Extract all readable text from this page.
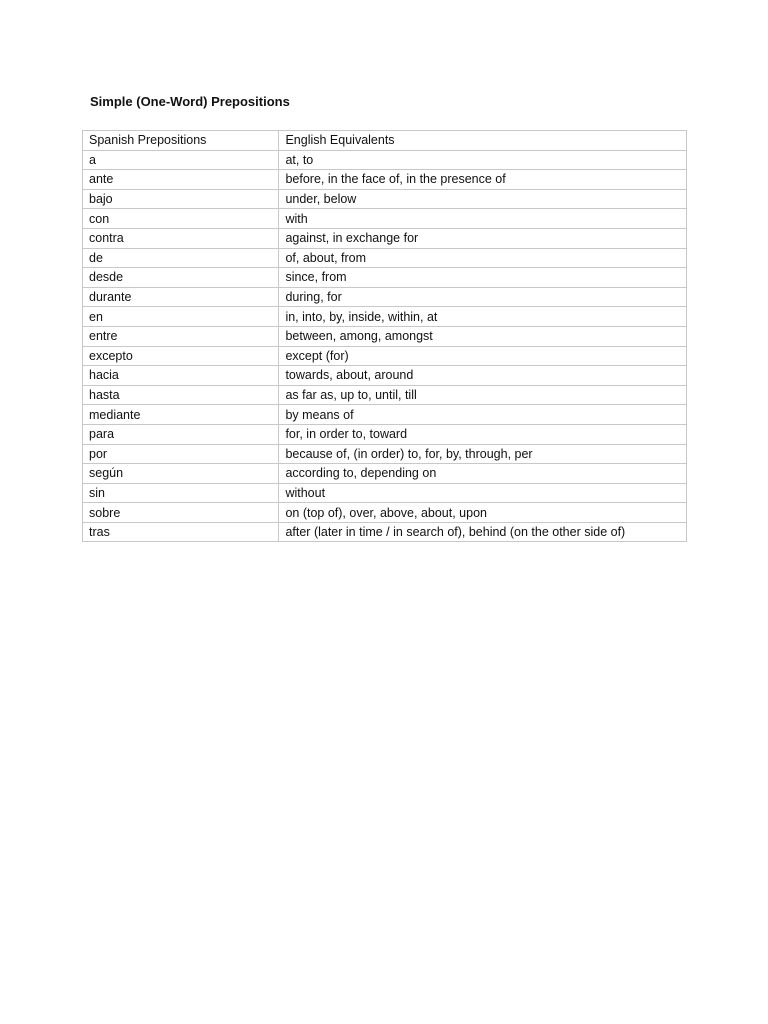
Simple (One-Word) Prepositions
Spanish Prepositions	English Equivalents
a	at, to
ante	before, in the face of, in the presence of
bajo	under, below
con	with
contra	against, in exchange for
de	of, about, from
desde	since, from
durante	during, for
en	in, into, by, inside, within, at
entre	between, among, amongst
excepto	except (for)
hacia	towards, about, around
hasta	as far as, up to, until, till
mediante	by means of
para	for, in order to, toward
por	because of, (in order) to, for, by, through, per
según	according to, depending on
sin	without
sobre	on (top of), over, above, about, upon
tras	after (later in time / in search of), behind (on the other side of)
